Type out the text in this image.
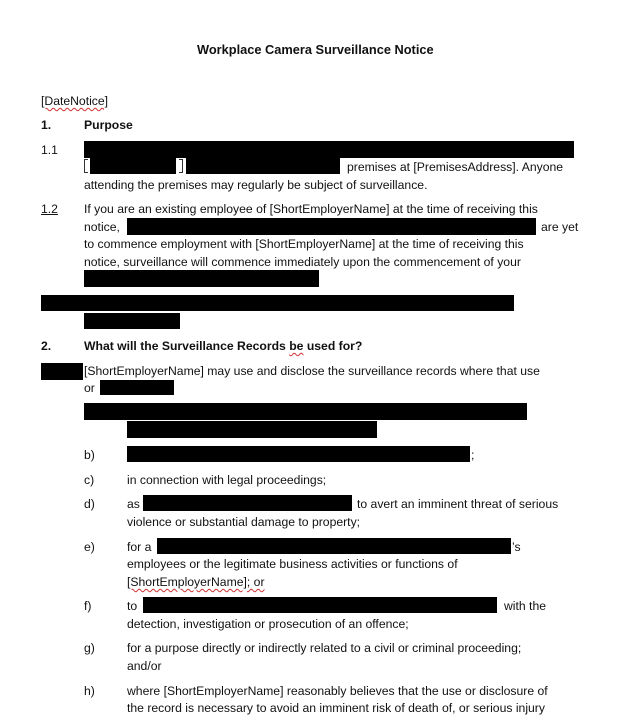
Workplace Camera Surveillance Notice
[DateNotice]
1.	Purpose
1.1
premises at [PremisesAddress]. Anyone
attending the premises may regularly be subject of surveillance.
1.2 If you are an existing employee of [ShortEmployerName] at the time of receiving this
notice,	are yet
to commence employment with [ShortEmployerName] at the time of receiving this
notice, surveillance will commence immediately upon the commencement of your
2.	What will the Surveillance Records be used for?
[ShortEmployerName] may use and disclose the surveillance records where that use
or
b)	;
c)	in connection with legal proceedings;
d)	as	to avert an imminent threat of serious
violence or substantial damage to property;
e)	for a	’s
employees or the legitimate business activities or functions of
[ShortEmployerName]; or
f)	to	with the
detection, investigation or prosecution of an offence;
g)	for a purpose directly or indirectly related to a civil or criminal proceeding;
and/or
h)	where [ShortEmployerName] reasonably believes that the use or disclosure of
the record is necessary to avoid an imminent risk of death of, or serious injury
